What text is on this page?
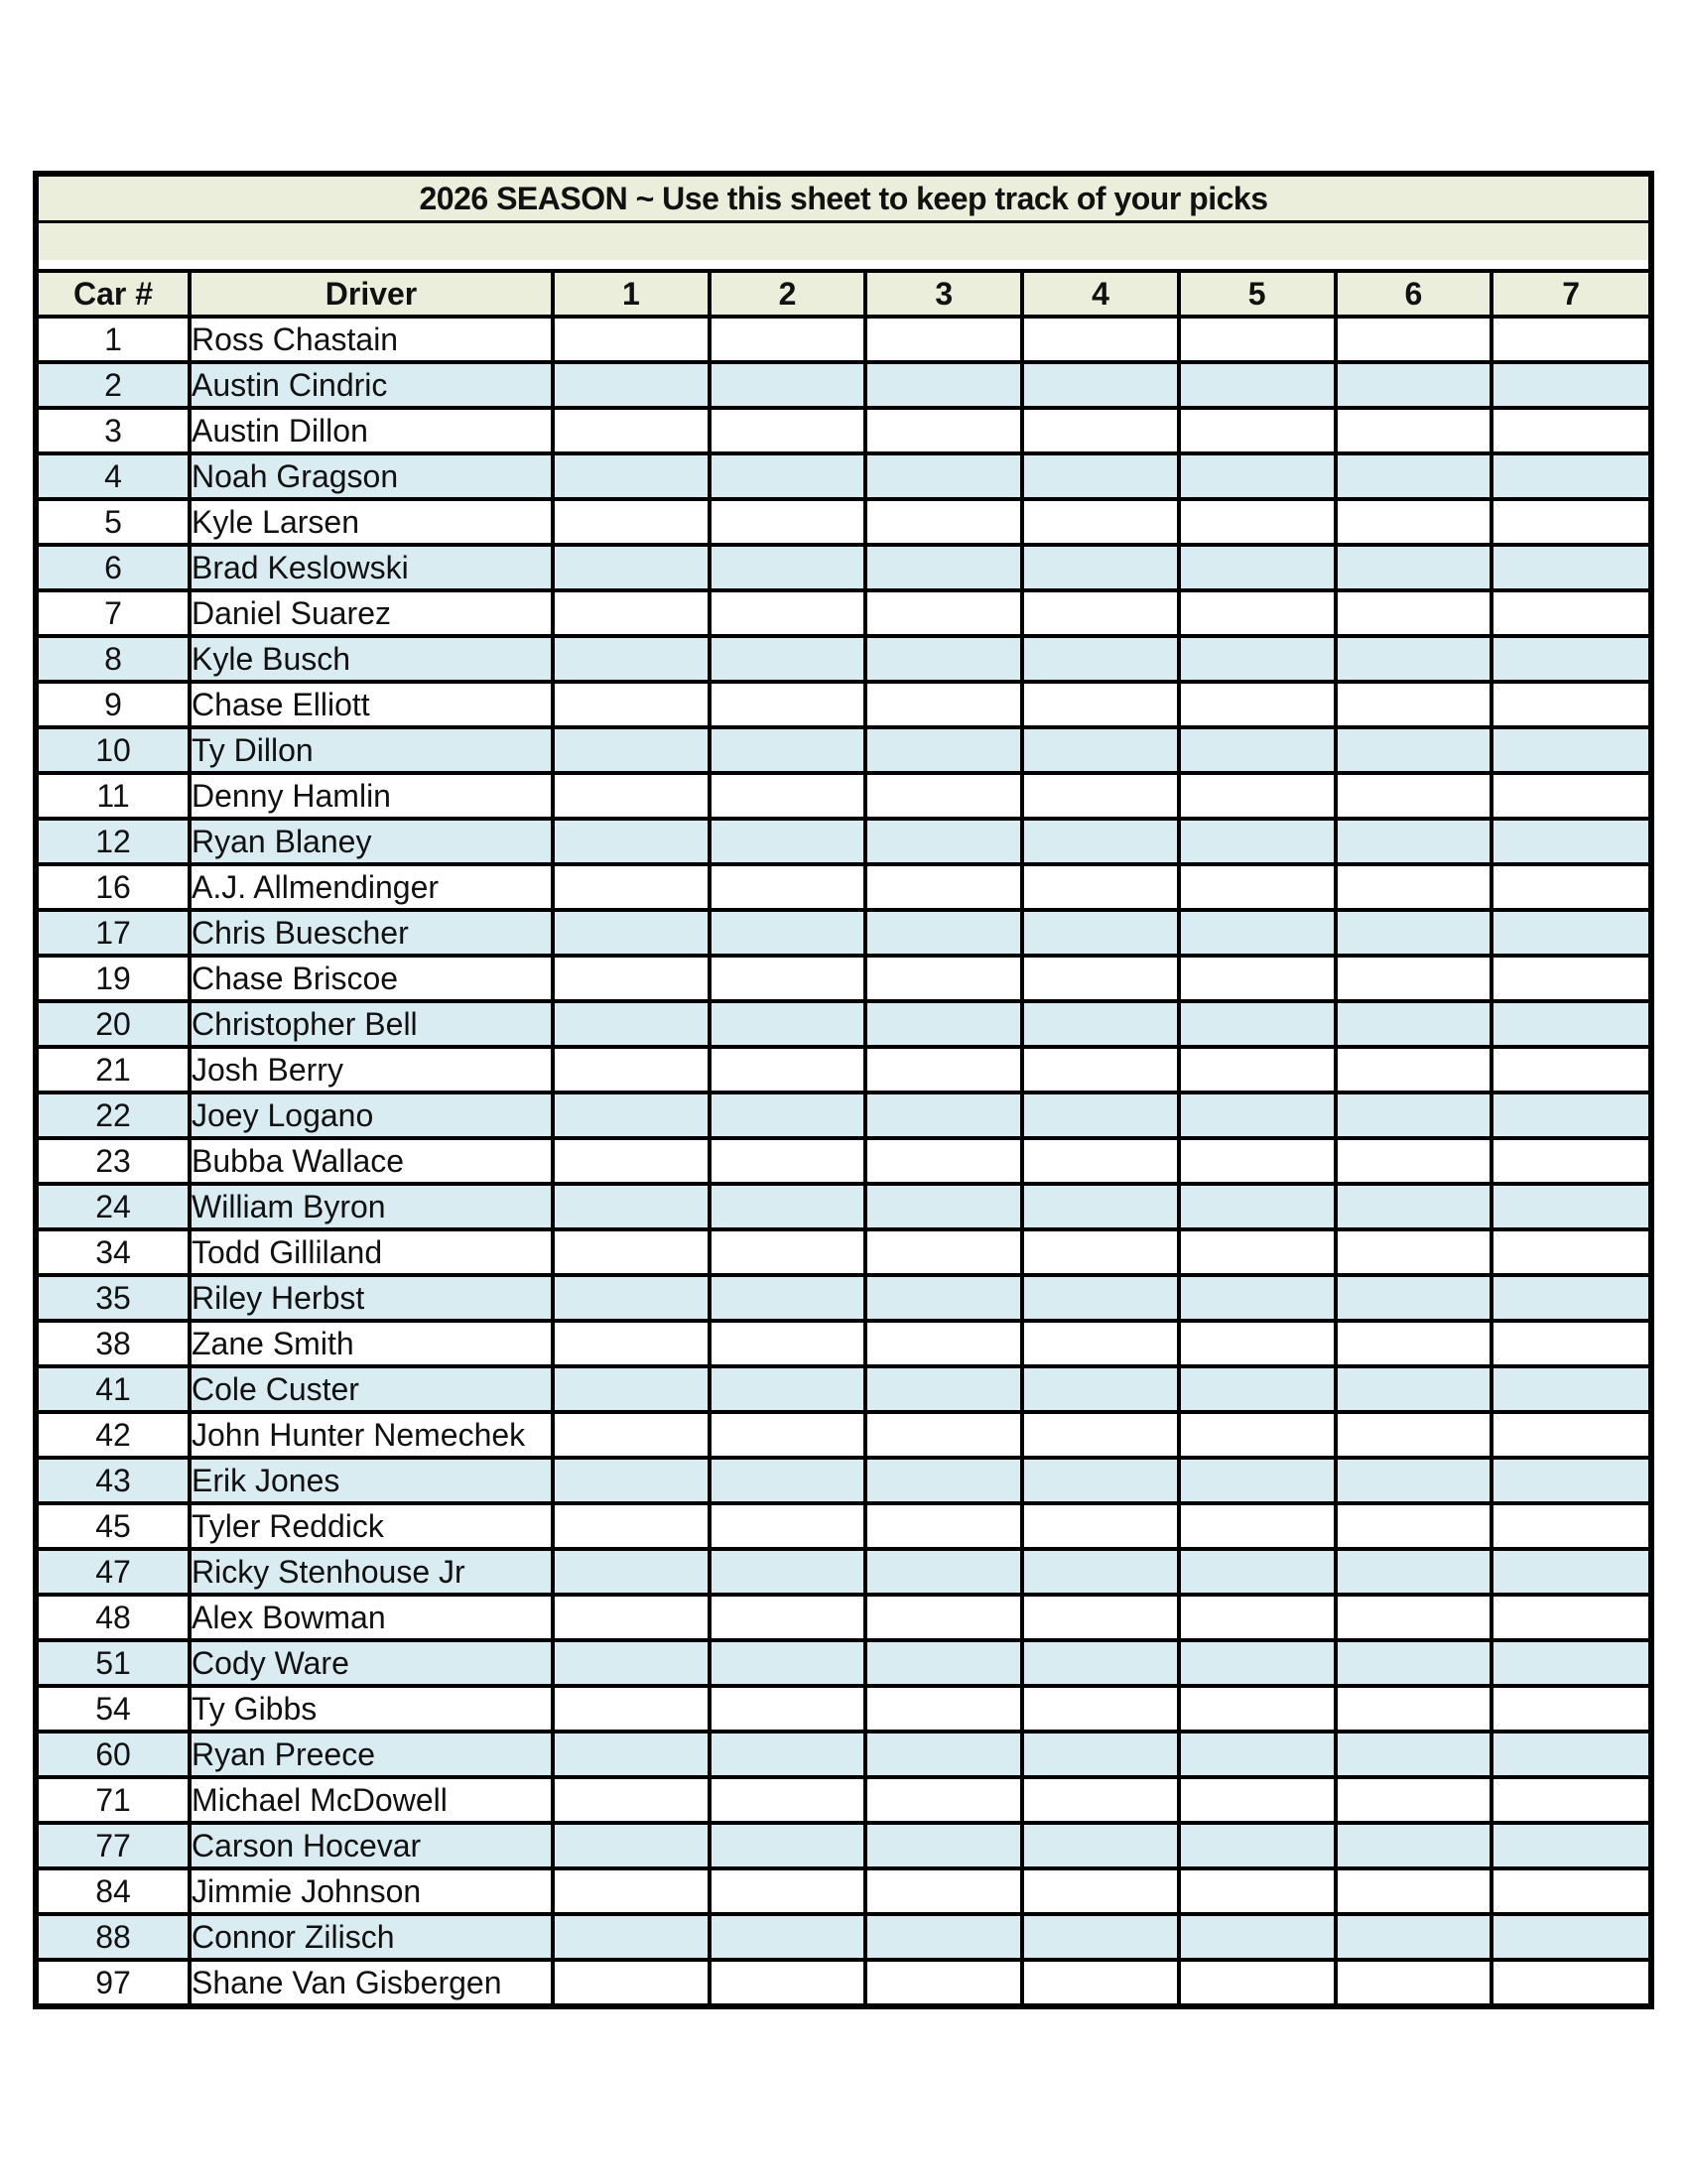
2026 SEASON ~ Use this sheet to keep track of your picks
Car #	Driver	1	2	3	4	5	6	7
1	Ross Chastain							
2	Austin Cindric							
3	Austin Dillon							
4	Noah Gragson							
5	Kyle Larsen							
6	Brad Keslowski							
7	Daniel Suarez							
8	Kyle Busch							
9	Chase Elliott							
10	Ty Dillon							
11	Denny Hamlin							
12	Ryan Blaney							
16	A.J. Allmendinger							
17	Chris Buescher							
19	Chase Briscoe							
20	Christopher Bell							
21	Josh Berry							
22	Joey Logano							
23	Bubba Wallace							
24	William Byron							
34	Todd Gilliland							
35	Riley Herbst							
38	Zane Smith							
41	Cole Custer							
42	John Hunter Nemechek							
43	Erik Jones							
45	Tyler Reddick							
47	Ricky Stenhouse Jr							
48	Alex Bowman							
51	Cody Ware							
54	Ty Gibbs							
60	Ryan Preece							
71	Michael McDowell							
77	Carson Hocevar							
84	Jimmie Johnson							
88	Connor Zilisch							
97	Shane Van Gisbergen							
